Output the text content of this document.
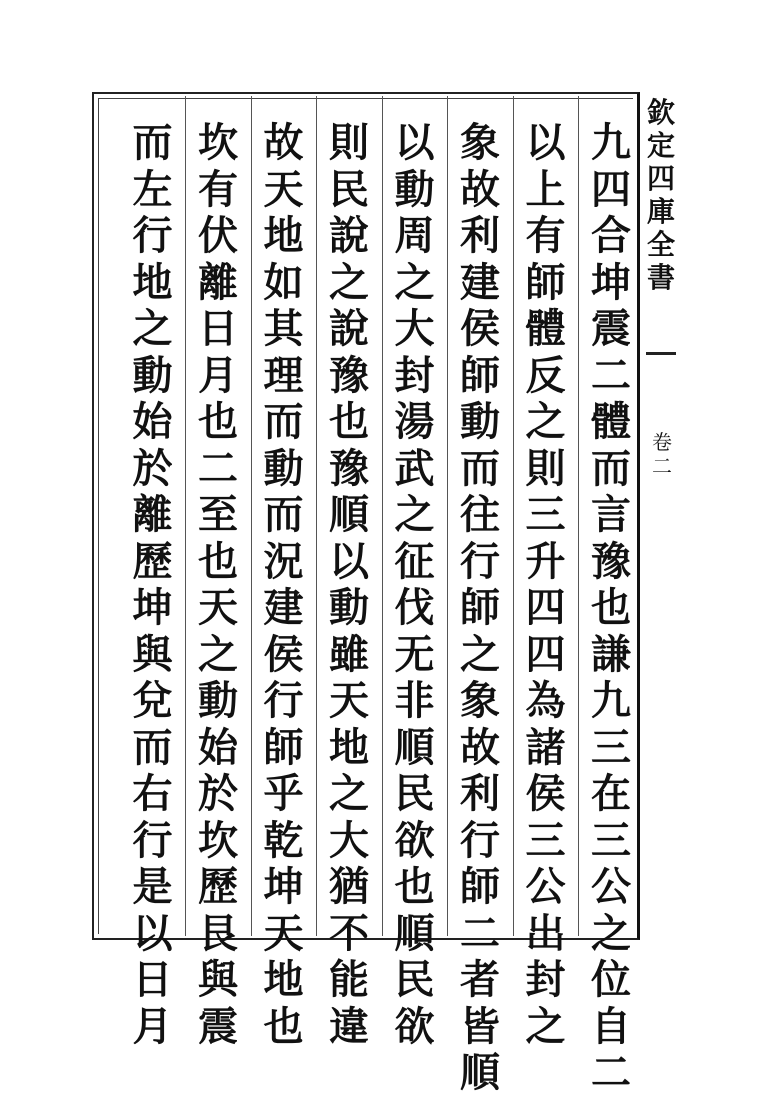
欽
定
四
庫
全
書
卷
二
九
四
合
坤
震
二
體
而
言
豫
也
謙
九
三
在
三
公
之
位
自
二
以
上
有
師
體
反
之
則
三
升
四
四
為
諸
侯
三
公
出
封
之
象
故
利
建
侯
師
動
而
往
行
師
之
象
故
利
行
師
二
者
皆
順
以
動
周
之
大
封
湯
武
之
征
伐
无
非
順
民
欲
也
順
民
欲
則
民
說
之
說
豫
也
豫
順
以
動
雖
天
地
之
大
猶
不
能
違
故
天
地
如
其
理
而
動
而
況
建
侯
行
師
乎
乾
坤
天
地
也
坎
有
伏
離
日
月
也
二
至
也
天
之
動
始
於
坎
歷
艮
與
震
而
左
行
地
之
動
始
於
離
歷
坤
與
兌
而
右
行
是
以
日
月
